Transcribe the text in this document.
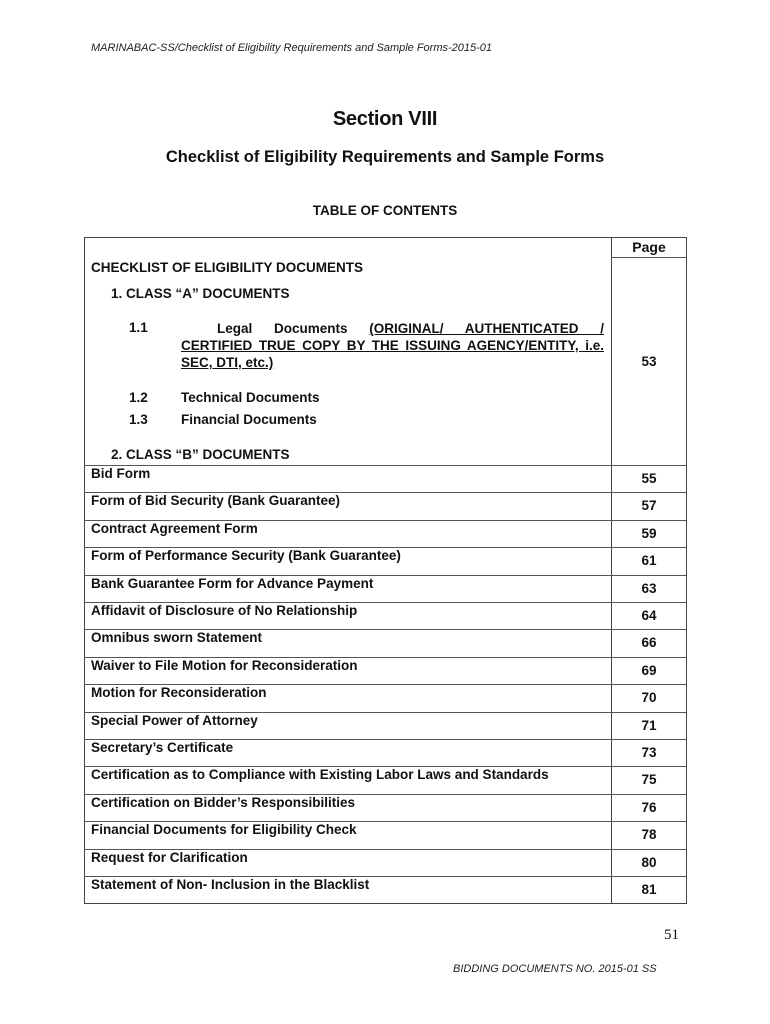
MARINABAC-SS/Checklist of Eligibility Requirements and Sample Forms-2015-01
Section VIII
Checklist of Eligibility Requirements and Sample Forms
TABLE OF CONTENTS
Page
CHECKLIST OF ELIGIBILITY DOCUMENTS
1. CLASS “A” DOCUMENTS
1.1	Legal Documents (ORIGINAL/ AUTHENTICATED / CERTIFIED TRUE COPY BY THE ISSUING AGENCY/ENTITY, i.e. SEC, DTI, etc.)	53
1.2 Technical Documents
1.3 Financial Documents
2. CLASS “B” DOCUMENTS
Bid Form	55
Form of Bid Security (Bank Guarantee)	57
Contract Agreement Form	59
Form of Performance Security (Bank Guarantee)	61
Bank Guarantee Form for Advance Payment	63
Affidavit of Disclosure of No Relationship	64
Omnibus sworn Statement	66
Waiver to File Motion for Reconsideration	69
Motion for Reconsideration	70
Special Power of Attorney	71
Secretary’s Certificate	73
Certification as to Compliance with Existing Labor Laws and Standards	75
Certification on Bidder’s Responsibilities	76
Financial Documents for Eligibility Check	78
Request for Clarification	80
Statement of Non- Inclusion in the Blacklist	81
51
BIDDING DOCUMENTS NO. 2015-01 SS
